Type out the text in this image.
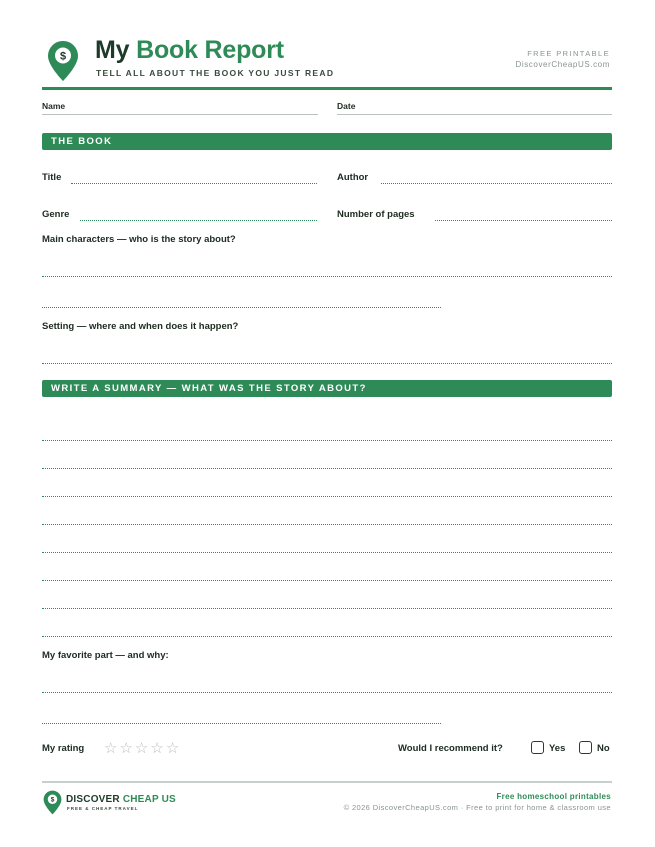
$ My Book Report
TELL ALL ABOUT THE BOOK YOU JUST READ
FREE PRINTABLE
DiscoverCheapUS.com
Name	Date
THE BOOK
Title	Author
Genre	Number of pages
Main characters — who is the story about?
Setting — where and when does it happen?
WRITE A SUMMARY — WHAT WAS THE STORY ABOUT?
My favorite part — and why:
My rating ☆☆☆☆☆	Would I recommend it?	Yes	No
$ DISCOVER CHEAP US
FREE & CHEAP TRAVEL
Free homeschool printables
© 2026 DiscoverCheapUS.com · Free to print for home & classroom use
